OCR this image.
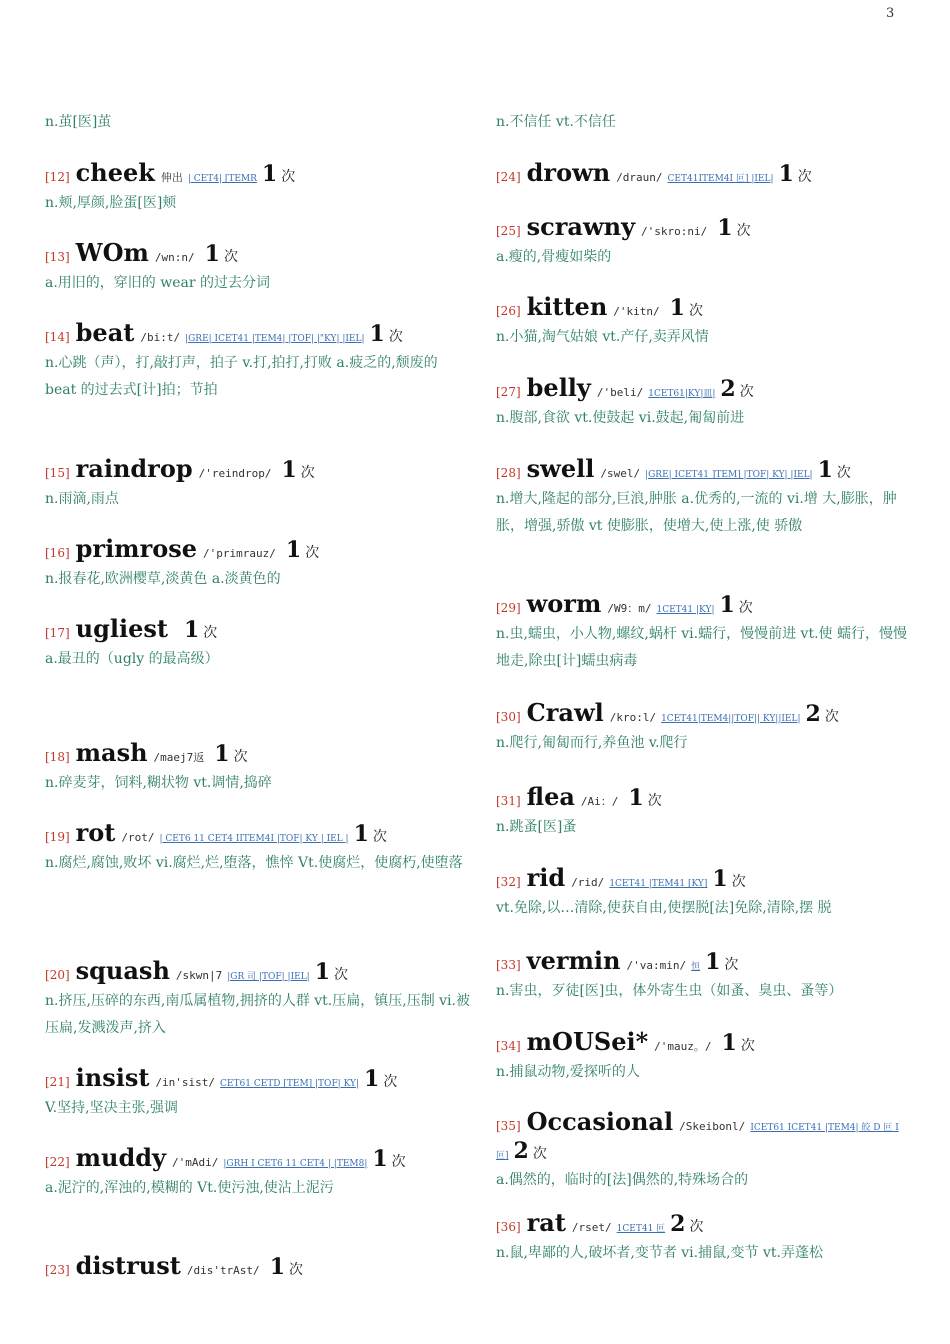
3
n.茧[医]茧
[12] cheek 伸出 | CET4| [TEMR 1 次
n.颊,厚颜,脸蛋[医]颊
[13] WOm /wn:n/ 1 次
a.用旧的，穿旧的 wear 的过去分词
[14] beat /bi:t/ |GRE| ICET41 |TEM4| |TOF| |"KY| |IEL| 1 次
n.心跳（声），打,敲打声，拍子 v.打,拍打,打败 a.疲乏的,颓废的 beat 的过去式[计]拍；节拍
[15] raindrop /'reindrop/ 1 次
n.雨滴,雨点
[16] primrose /'primrauz/ 1 次
n.报春花,欧洲樱草,淡黄色 a.淡黄色的
[17] ugliest 1 次
a.最丑的（ugly 的最高级）
[18] mash /maej7返 1 次
n.碎麦芽，饲料,糊状物 vt.调情,捣碎
[19] rot /rot/ | CET6 11 CET4 IITEM4I |TOF| KY | IEL | 1 次
n.腐烂,腐蚀,败坏 vi.腐烂,烂,堕落，憔悴 Vt.使腐烂，使腐朽,使堕落
[20] squash /skwn|7 |GR 司 |TOF| |IEL| 1 次
n.挤压,压碎的东西,南瓜属植物,拥挤的人群 vt.压扁，镇压,压制 vi.被压扁,发溅泼声,挤入
[21] insist /in'sist/ CET61 CETD [TEM] |TOF| KY| 1 次
V.坚持,坚决主张,强调
[22] muddy /'mAdi/ |GRH I CET6 11 CET4 | |TEM8| 1 次
a.泥泞的,浑浊的,模糊的 Vt.使污浊,使沾上泥污
[23] distrust /dis'trAst/ 1 次
n.不信任 vt.不信任
[24] drown /draun/ CET41ITEM4I 叵] |IEL| 1 次
[25] scrawny /'skro:ni/ 1 次
a.瘦的,骨瘦如柴的
[26] kitten /'kitn/ 1 次
n.小猫,淘气姑娘 vt.产仔,卖弄风情
[27] belly /'beli/ 1CET61|KY|皿| 2 次
n.腹部,食欲 vt.使鼓起 vi.鼓起,匍匐前进
[28] swell /swel/ |GRE| ICET41 ]TEM] |TOF| KY| |IEL| 1 次
n.增大,隆起的部分,巨浪,肿胀 a.优秀的,一流的 vi.增 大,膨胀，肿胀，增强,骄傲 vt 使膨胀，使增大,使上涨,使 骄傲
[29] worm /W9：m/ 1CET41 |KY| 1 次
n.虫,蠕虫，小人物,螺纹,蜗杆 vi.蠕行，慢慢前进 vt.使 蠕行，慢慢地走,除虫[计]蠕虫病毒
[30] Crawl /kro:l/ 1CET41|TEM4||TOF|| KY||IEL| 2 次
n.爬行,匍匐而行,养鱼池 v.爬行
[31] flea /Ai：/ 1 次
n.跳蚤[医]蚤
[32] rid /rid/ 1CET41 |TEM41 [KY] 1 次
vt.免除,以…清除,使获自由,使摆脱[法]免除,清除,摆 脱
[33] vermin /'va:min/ 恒 1 次
n.害虫，歹徒[医]虫，体外寄生虫（如蚤、臭虫、蚤等）
[34] mOUSei* /'mauz。/ 1 次
n.捕鼠动物,爱探听的人
[35] Occasional /Skeibonl/ ICET61 ICET41 |TEM4| 皎 D 叵 I 叵] 2 次
a.偶然的，临时的[法]偶然的,特殊场合的
[36] rat /rset/ 1CET41 叵 2 次
n.鼠,卑鄙的人,破坏者,变节者 vi.捕鼠,变节 vt.弄蓬松
